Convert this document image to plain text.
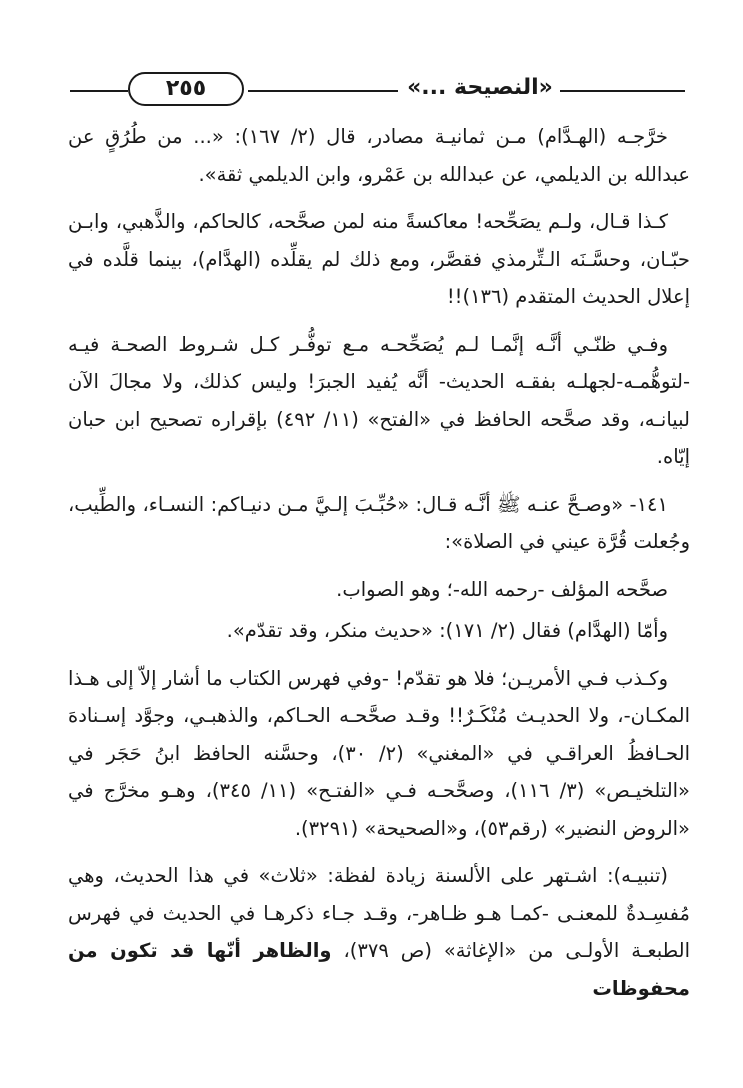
«النصيحة ...»
٢٥٥

خرَّجـه (الهـدَّام) مـن ثمانيـة مصادر، قال (٢/ ١٦٧): «... من طُرُقٍ عن عبدالله بن الديلمي، عن عبدالله بن عَمْرو، وابن الديلمي ثقة».

كـذا قـال، ولـم يصَحِّحه! معاكسةً منه لمن صحَّحه، كالحاكم، والذَّهبي، وابـن حبّـان، وحسَّـنَه الـتِّرمذي فقصَّر، ومع ذلك لم يقلِّده (الهدَّام)، بينما قلَّده في إعلال الحديث المتقدم (١٣٦)!!

وفـي ظنّـي أنَّـه إنَّمـا لـم يُصَحِّحـه مـع توفُّـر كـل شـروط الصحـة فيـه -لتوهُّمـه-لجهلـه بفقـه الحديث- أنَّه يُفيد الجبرَ! وليس كذلك، ولا مجالَ الآن لبيانـه، وقد صحَّحه الحافظ في «الفتح» (١١/ ٤٩٢) بإقراره تصحيح ابن حبان إيّاه.

١٤١- «وصـحَّ عنـه ﷺ أنَّـه قـال: «حُبِّـبَ إلـيَّ مـن دنيـاكم: النسـاء، والطِّيب، وجُعلت قُرَّة عيني في الصلاة»:

صحَّحه المؤلف -رحمه الله-؛ وهو الصواب.

وأمّا (الهدَّام) فقال (٢/ ١٧١): «حديث منكر، وقد تقدّم».

وكـذب فـي الأمريـن؛ فلا هو تقدّم! -وفي فهرس الكتاب ما أشار إلاّ إلى هـذا المكـان-، ولا الحديـث مُنْكَـرٌ!! وقـد صحَّحـه الحـاكم، والذهبـي، وجوَّد إسـنادهَ الحـافظُ العراقـي في «المغني» (٢/ ٣٠)، وحسَّنه الحافظ ابنُ حَجَر في «التلخيـص» (٣/ ١١٦)، وصحَّحـه فـي «الفتـح» (١١/ ٣٤٥)، وهـو مخرَّج في «الروض النضير» (رقم٥٣)، و«الصحيحة» (٣٢٩١).

(تنبيـه): اشـتهر على الألسنة زيادة لفظة: «ثلاث» في هذا الحديث، وهي مُفسِـدةٌ للمعنـى -كمـا هـو ظـاهر-، وقـد جـاء ذكرهـا في الحديث في فهرس الطبعـة الأولـى من «الإغاثة» (ص ٣٧٩)، والظاهر أنّها قد تكون من محفوظات
